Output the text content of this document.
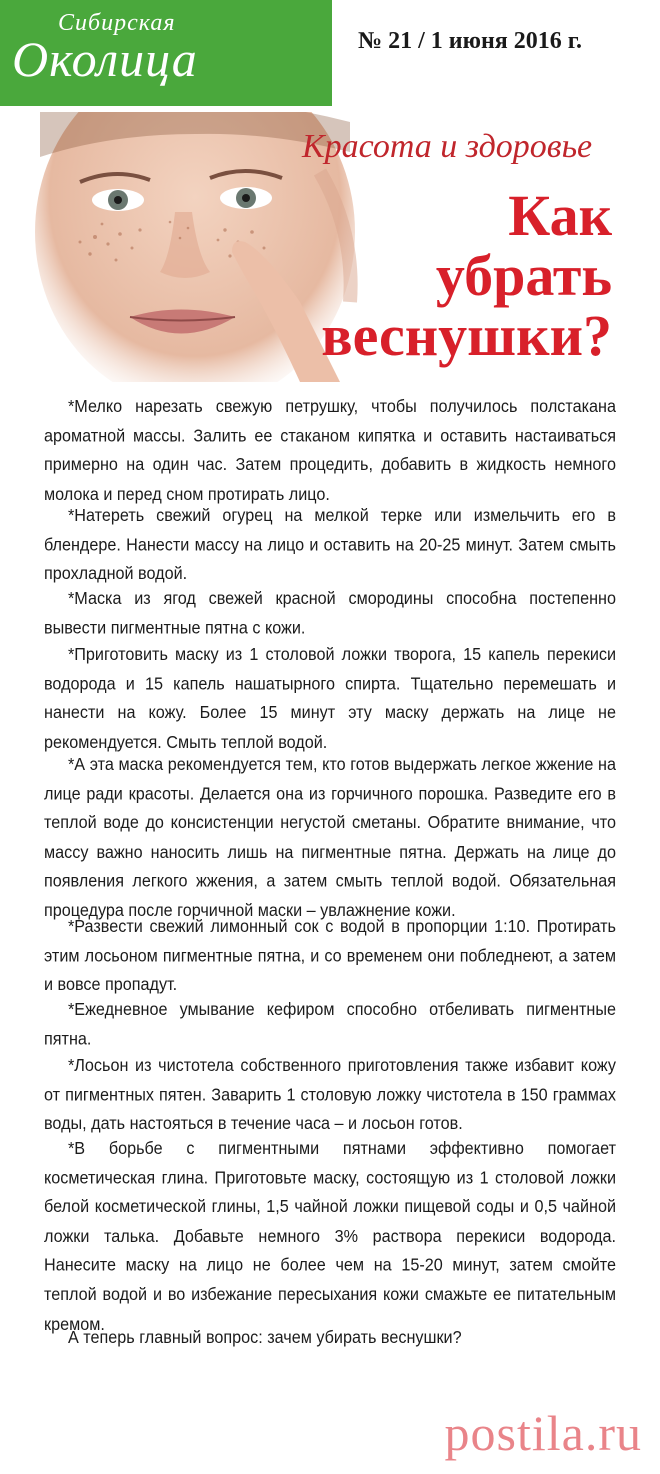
Сибирская
Околица	№ 21 / 1 июня 2016 г.
Красота и здоровье
Как
убрать
веснушки?

*Мелко нарезать свежую петрушку, чтобы получилось полстакана ароматной массы. Залить ее стаканом кипятка и оставить настаиваться примерно на один час. Затем процедить, добавить в жидкость немного молока и перед сном протирать лицо.

*Натереть свежий огурец на мелкой терке или измельчить его в блендере. Нанести массу на лицо и оставить на 20-25 минут. Затем смыть прохладной водой.

*Маска из ягод свежей красной смородины способна постепенно вывести пигментные пятна с кожи.

*Приготовить маску из 1 столовой ложки творога, 15 капель перекиси водорода и 15 капель нашатырного спирта. Тщательно перемешать и нанести на кожу. Более 15 минут эту маску держать на лице не рекомендуется. Смыть теплой водой.

*А эта маска рекомендуется тем, кто готов выдержать легкое жжение на лице ради красоты. Делается она из горчичного порошка. Разведите его в теплой воде до консистенции негустой сметаны. Обратите внимание, что массу важно наносить лишь на пигментные пятна. Держать на лице до появления легкого жжения, а затем смыть теплой водой. Обязательная процедура после горчичной маски – увлажнение кожи.

*Развести свежий лимонный сок с водой в пропорции 1:10. Протирать этим лосьоном пигментные пятна, и со временем они побледнеют, а затем и вовсе пропадут.

*Ежедневное умывание кефиром способно отбеливать пигментные пятна.

*Лосьон из чистотела собственного приготовления также избавит кожу от пигментных пятен. Заварить 1 столовую ложку чистотела в 150 граммах воды, дать настояться в течение часа – и лосьон готов.

*В борьбе с пигментными пятнами эффективно помогает косметическая глина. Приготовьте маску, состоящую из 1 столовой ложки белой косметической глины, 1,5 чайной ложки пищевой соды и 0,5 чайной ложки талька. Добавьте немного 3% раствора перекиси водорода. Нанесите маску на лицо не более чем на 15-20 минут, затем смойте теплой водой и во избежание пересыхания кожи смажьте ее питательным кремом.

А теперь главный вопрос: зачем убирать веснушки?

postila.ru
